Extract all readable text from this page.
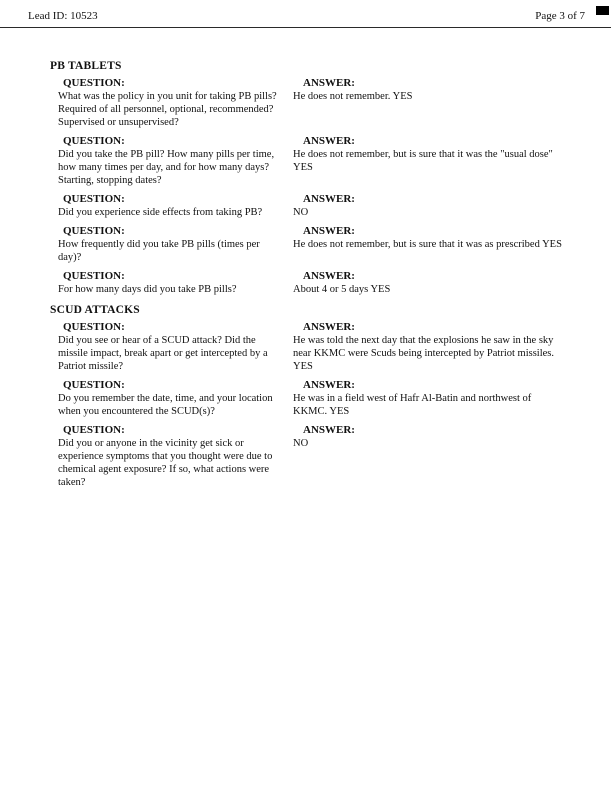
Lead ID: 10523	Page 3 of 7
PB TABLETS
QUESTION:
What was the policy in you unit for taking PB pills? Required of all personnel, optional, recommended? Supervised or unsupervised?
ANSWER:
He does not remember. YES
QUESTION:
Did you take the PB pill? How many pills per time, how many times per day, and for how many days? Starting, stopping dates?
ANSWER:
He does not remember, but is sure that it was the "usual dose" YES
QUESTION:
Did you experience side effects from taking PB?
ANSWER:
NO
QUESTION:
How frequently did you take PB pills (times per day)?
ANSWER:
He does not remember, but is sure that it was as prescribed YES
QUESTION:
For how many days did you take PB pills?
ANSWER:
About 4 or 5 days YES
SCUD ATTACKS
QUESTION:
Did you see or hear of a SCUD attack? Did the missile impact, break apart or get intercepted by a Patriot missile?
ANSWER:
He was told the next day that the explosions he saw in the sky near KKMC were Scuds being intercepted by Patriot missiles. YES
QUESTION:
Do you remember the date, time, and your location when you encountered the SCUD(s)?
ANSWER:
He was in a field west of Hafr Al-Batin and northwest of KKMC. YES
QUESTION:
Did you or anyone in the vicinity get sick or experience symptoms that you thought were due to chemical agent exposure? If so, what actions were taken?
ANSWER:
NO
